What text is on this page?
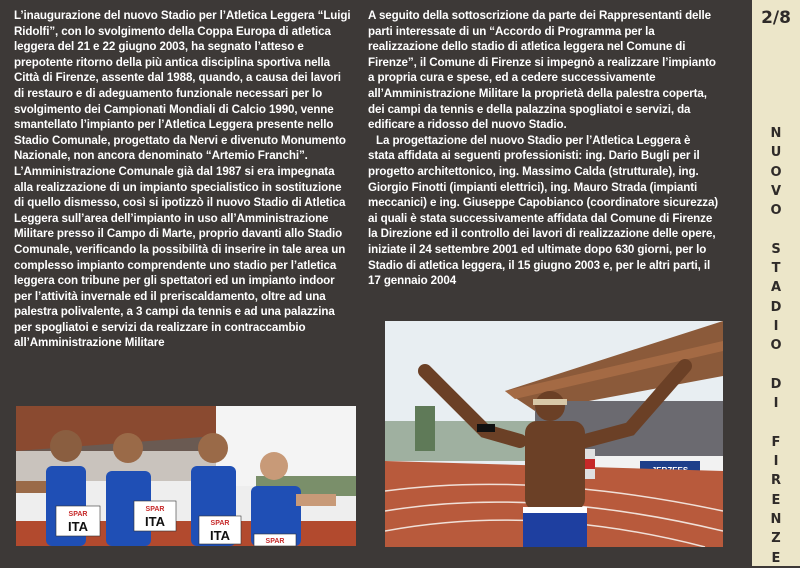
L’inaugurazione del nuovo Stadio per l’Atletica Leggera “Luigi Ridolfi”, con lo svolgimento della Coppa Europa di atletica leggera del 21 e 22 giugno 2003, ha segnato l’atteso e prepotente ritorno della più antica disciplina sportiva nella Città di Firenze, assente dal 1988, quando, a causa dei lavori di restauro e di adeguamento funzionale necessari per lo svolgimento dei Campionati Mondiali di Calcio 1990, venne smantellato l’impianto per l’Atletica Leggera presente nello Stadio Comunale, progettato da Nervi e divenuto Monumento Nazionale, non ancora denominato “Artemio Franchi”. L’Amministrazione Comunale già dal 1987 si era impegnata alla realizzazione di un impianto specialistico in sostituzione di quello dismesso, così si ipotizzò il nuovo Stadio di Atletica Leggera sull’area dell’impianto in uso all’Amministrazione Militare presso il Campo di Marte, proprio davanti allo Stadio Comunale, verificando la possibilità di inserire in tale area un complesso impianto comprendente uno stadio per l’atletica leggera con tribune per gli spettatori ed un impianto indoor per l’attività invernale ed il preriscaldamento, oltre ad una palestra polivalente, a 3 campi da tennis e ad una palazzina per spogliatoi e servizi da realizzare in contraccambio all’Amministrazione Militare

A seguito della sottoscrizione da parte dei Rappresentanti delle parti interessate di un “Accordo di Programma per la realizzazione dello stadio di atletica leggera nel Comune di Firenze”, il Comune di Firenze si impegnò a realizzare l’impianto a propria cura e spese, ed a cedere successivamente all’Amministrazione Militare la proprietà della palestra coperta, dei campi da tennis e della palazzina spogliatoi e servizi, da edificare a ridosso del nuovo Stadio.

La progettazione del nuovo Stadio per l’Atletica Leggera è stata affidata ai seguenti professionisti: ing. Dario Bugli per il progetto architettonico, ing. Massimo Calda (strutturale), ing. Giorgio Finotti (impianti elettrici), ing. Mauro Strada (impianti meccanici) e ing. Giuseppe Capobianco (coordinatore sicurezza) ai quali è stata successivamente affidata dal Comune di Firenze la Direzione ed il controllo dei lavori di realizzazione delle opere, iniziate il 24 settembre 2001 ed ultimate dopo 630 giorni, per lo Stadio di atletica leggera, il 15 giugno 2003 e, per le altri parti, il 17 gennaio 2004

SPAR
ITA
SPAR
ITA	SPAR
ITA	SPAR
2/8
N
U
O
V
O
S
T
A
D
I
O
D
I
F
I
R
E
N
Z
E
